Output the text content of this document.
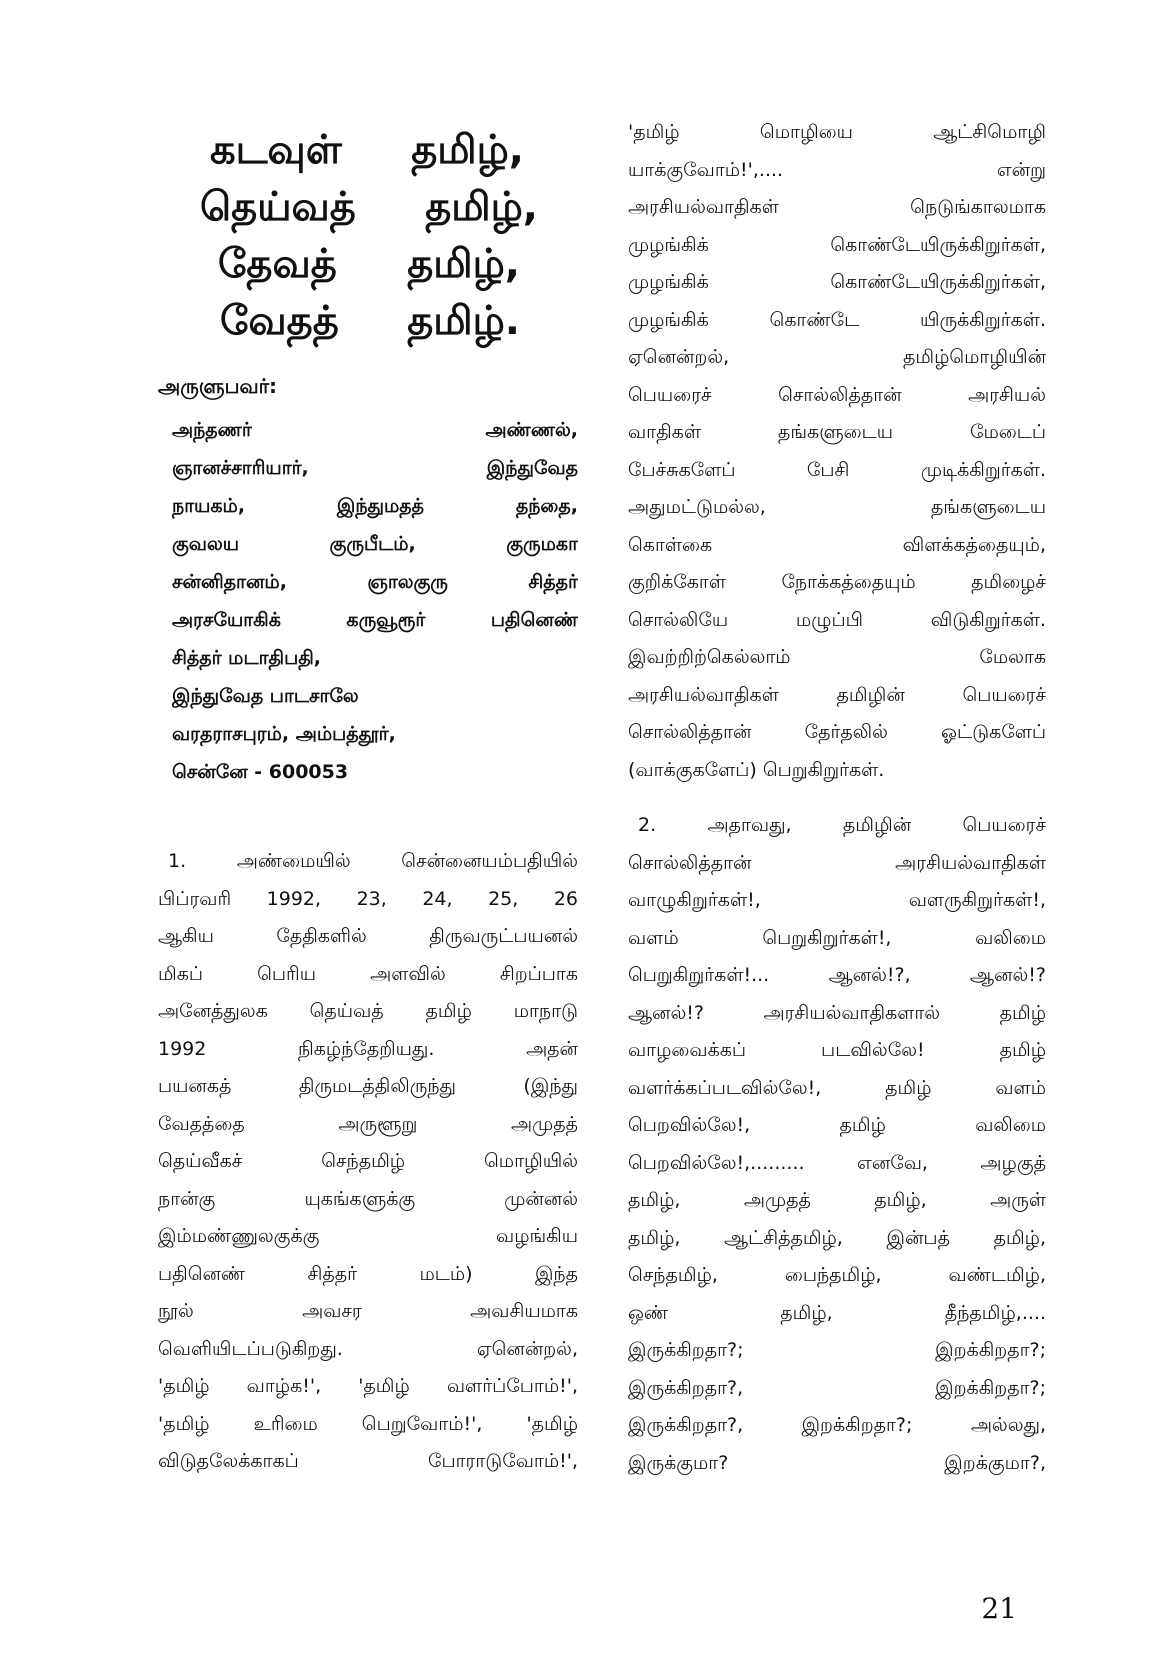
கடவுள் தமிழ்,
தெய்வத் தமிழ்,
தேவத் தமிழ்,
வேதத் தமிழ்.
அருளுபவர்:
அந்தணர் அண்ணல்,
ஞானச்சாரியார், இந்துவேத
நாயகம், இந்துமதத் தந்தை,
குவலய குருபீடம், குருமகா
சன்னிதானம், ஞாலகுரு சித்தர்
அரசயோகிக் கருவூரூர் பதினெண்
சித்தர் மடாதிபதி,
இந்துவேத பாடசாலே
வரதராசபுரம், அம்பத்தூர்,
சென்னே - 600053
1. அண்மையில் சென்னையம்பதியில்
பிப்ரவரி 1992, 23, 24, 25, 26
ஆகிய தேதிகளில் திருவருட்பயனல்
மிகப் பெரிய அளவில் சிறப்பாக
அனேத்துலக தெய்வத் தமிழ் மாநாடு
1992 நிகழ்ந்தேறியது. அதன்
பயனகத் திருமடத்திலிருந்து (இந்து
வேதத்தை அருளூறு அமுதத்
தெய்வீகச் செந்தமிழ் மொழியில்
நான்கு யுகங்களுக்கு முன்னல்
இம்மண்ணுலகுக்கு வழங்கிய
பதினெண் சித்தர் மடம்) இந்த
நூல் அவசர அவசியமாக
வெளியிடப்படுகிறது. ஏனென்றல்,
'தமிழ் வாழ்க!', 'தமிழ் வளர்ப்போம்!',
'தமிழ் உரிமை பெறுவோம்!', 'தமிழ்
விடுதலேக்காகப் போராடுவோம்!',
'தமிழ் மொழியை ஆட்சிமொழி
யாக்குவோம்!',.... என்று
அரசியல்வாதிகள் நெடுங்காலமாக
முழங்கிக் கொண்டேயிருக்கிறுர்கள்,
முழங்கிக் கொண்டேயிருக்கிறுர்கள்,
முழங்கிக் கொண்டே யிருக்கிறுர்கள்.
ஏனென்றல், தமிழ்மொழியின்
பெயரைச் சொல்லித்தான் அரசியல்
வாதிகள் தங்களுடைய மேடைப்
பேச்சுகளேப் பேசி முடிக்கிறுர்கள்.
அதுமட்டுமல்ல, தங்களுடைய
கொள்கை விளக்கத்தையும்,
குறிக்கோள் நோக்கத்தையும் தமிழைச்
சொல்லியே மழுப்பி விடுகிறுர்கள்.
இவற்றிற்கெல்லாம் மேலாக
அரசியல்வாதிகள் தமிழின் பெயரைச்
சொல்லித்தான் தேர்தலில் ஓட்டுகளேப்
(வாக்குகளேப்) பெறுகிறுர்கள்.
2. அதாவது, தமிழின் பெயரைச்
சொல்லித்தான் அரசியல்வாதிகள்
வாழுகிறுர்கள்!, வளருகிறுர்கள்!,
வளம் பெறுகிறுர்கள்!, வலிமை
பெறுகிறுர்கள்!... ஆனல்!?, ஆனல்!?
ஆனல்!? அரசியல்வாதிகளால் தமிழ்
வாழவைக்கப் படவில்லே! தமிழ்
வளர்க்கப்படவில்லே!, தமிழ் வளம்
பெறவில்லே!, தமிழ் வலிமை
பெறவில்லே!,......... எனவே, அழகுத்
தமிழ், அமுதத் தமிழ், அருள்
தமிழ், ஆட்சித்தமிழ், இன்பத் தமிழ்,
செந்தமிழ், பைந்தமிழ், வண்டமிழ்,
ஒண் தமிழ், தீந்தமிழ்,....
இருக்கிறதா?; இறக்கிறதா?;
இருக்கிறதா?, இறக்கிறதா?;
இருக்கிறதா?, இறக்கிறதா?; அல்லது,
இருக்குமா? இறக்குமா?,
21
